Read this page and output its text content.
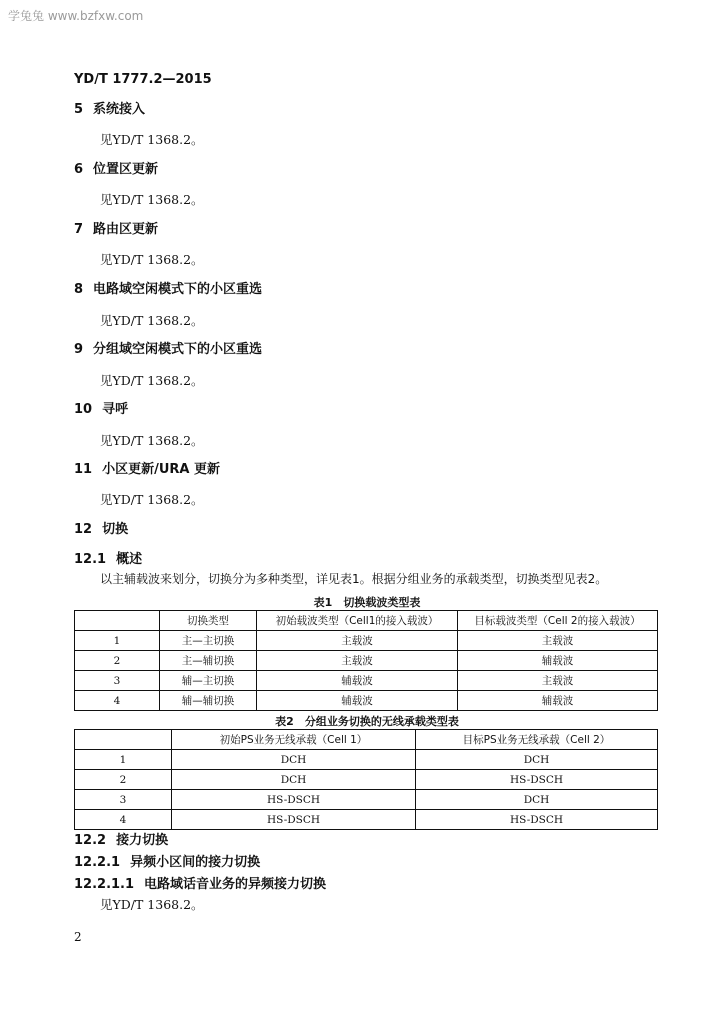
学兔兔 www.bzfxw.com
YD/T 1777.2—2015
5 系统接入
见YD/T 1368.2。
6 位置区更新
见YD/T 1368.2。
7 路由区更新
见YD/T 1368.2。
8 电路域空闲模式下的小区重选
见YD/T 1368.2。
9 分组域空闲模式下的小区重选
见YD/T 1368.2。
10 寻呼
见YD/T 1368.2。
11 小区更新/URA 更新
见YD/T 1368.2。
12 切换
12.1 概述
以主辅载波来划分，切换分为多种类型，详见表1。根据分组业务的承载类型，切换类型见表2。
表1　切换载波类型表
	切换类型	初始载波类型（Cell1的接入载波）	目标载波类型（Cell 2的接入载波）
1	主—主切换	主载波	主载波
2	主—辅切换	主载波	辅载波
3	辅—主切换	辅载波	主载波
4	辅—辅切换	辅载波	辅载波
表2　分组业务切换的无线承载类型表
	初始PS业务无线承载（Cell 1）	目标PS业务无线承载（Cell 2）
1	DCH	DCH
2	DCH	HS-DSCH
3	HS-DSCH	DCH
4	HS-DSCH	HS-DSCH
12.2 接力切换
12.2.1 异频小区间的接力切换
12.2.1.1 电路域话音业务的异频接力切换
见YD/T 1368.2。
2
